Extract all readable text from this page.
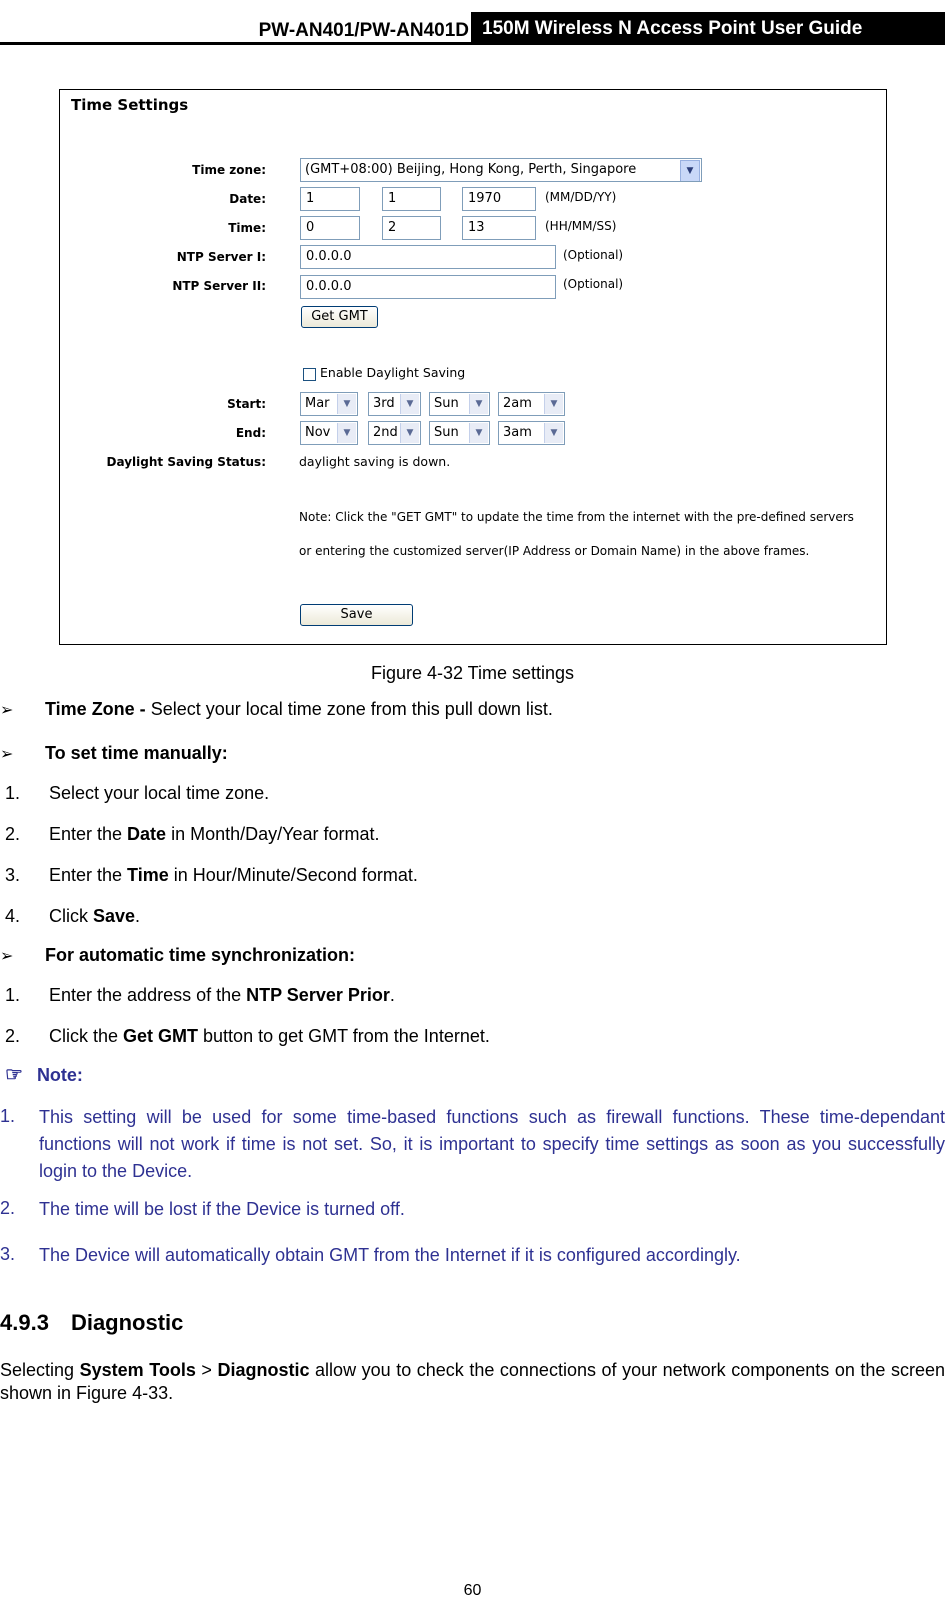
PW-AN401/PW-AN401D 150M Wireless N Access Point User Guide
Time Settings
Time zone:	(GMT+08:00) Beijing, Hong Kong, Perth, Singapore	▼
Date:	1	1	1970	(MM/DD/YY)
Time:	0	2	13	(HH/MM/SS)
NTP Server I:	0.0.0.0	(Optional)
NTP Server II:	0.0.0.0	(Optional)
Get GMT
Enable Daylight Saving
Start:	Mar	▼	3rd	▼	Sun	▼	2am	▼
End:	Nov	▼	2nd ▼	Sun	▼	3am	▼
Daylight Saving Status:	daylight saving is down.
Note: Click the "GET GMT" to update the time from the internet with the pre-defined servers
or entering the customized server(IP Address or Domain Name) in the above frames.
Save
Figure 4-32 Time settings
➢ Time Zone - Select your local time zone from this pull down list.
➢ To set time manually:
1. Select your local time zone.
2. Enter the Date in Month/Day/Year format.
3. Enter the Time in Hour/Minute/Second format.
4. Click Save.
➢ For automatic time synchronization:
1. Enter the address of the NTP Server Prior.
2. Click the Get GMT button to get GMT from the Internet.
☞ Note:
1. This setting will be used for some time-based functions such as firewall functions. These time-dependant functions will not work if time is not set. So, it is important to specify time settings as soon as you successfully login to the Device.
2. The time will be lost if the Device is turned off.
3. The Device will automatically obtain GMT from the Internet if it is configured accordingly.
4.9.3 Diagnostic
Selecting System Tools > Diagnostic allow you to check the connections of your network components on the screen shown in Figure 4-33.
60
